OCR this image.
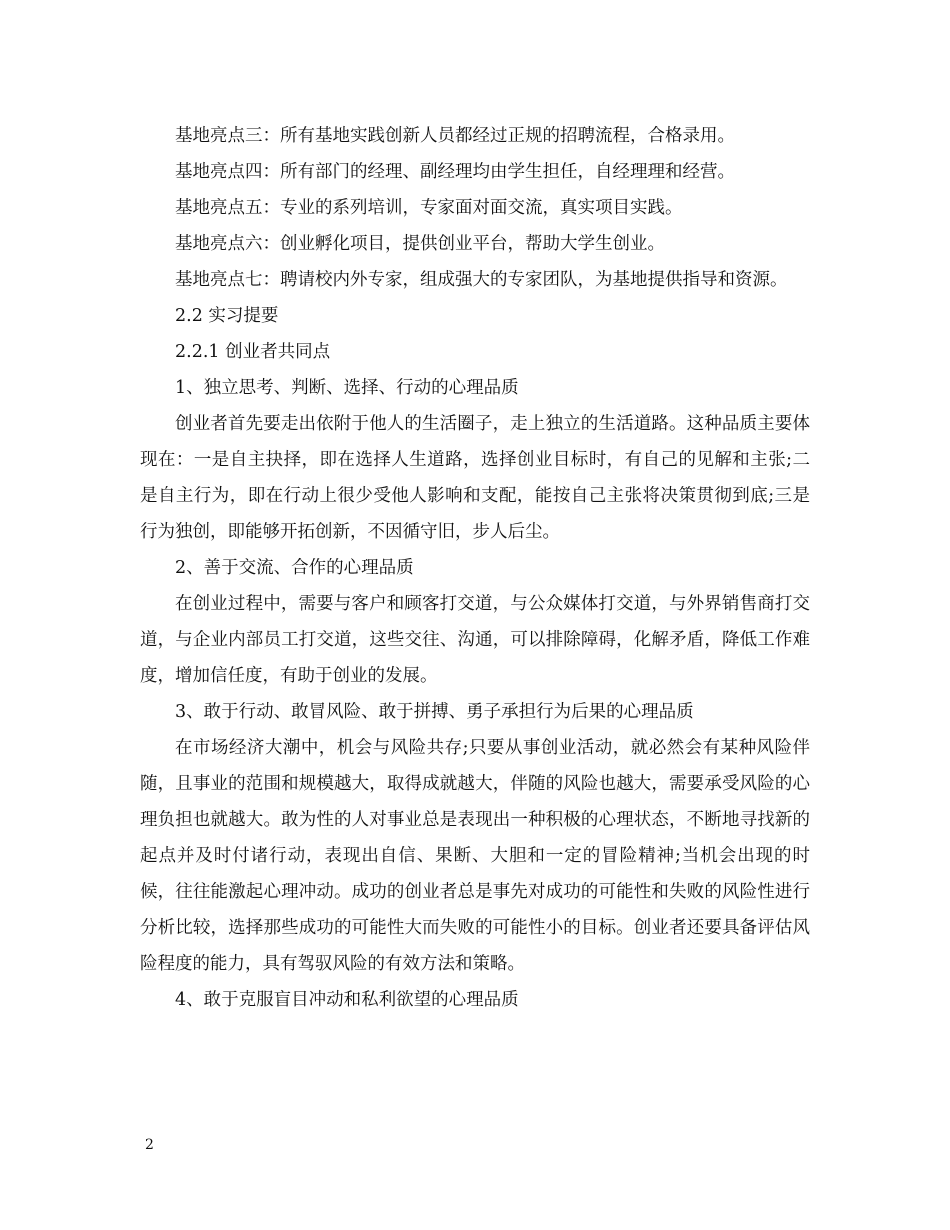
基地亮点三：所有基地实践创新人员都经过正规的招聘流程，合格录用。

基地亮点四：所有部门的经理、副经理均由学生担任，自经理理和经营。

基地亮点五：专业的系列培训，专家面对面交流，真实项目实践。

基地亮点六：创业孵化项目，提供创业平台，帮助大学生创业。

基地亮点七：聘请校内外专家，组成强大的专家团队，为基地提供指导和资源。

2.2 实习提要

2.2.1 创业者共同点

1、独立思考、判断、选择、行动的心理品质

创业者首先要走出依附于他人的生活圈子，走上独立的生活道路。这种品质主要体现在：一是自主抉择，即在选择人生道路，选择创业目标时，有自己的见解和主张;二是自主行为，即在行动上很少受他人影响和支配，能按自己主张将决策贯彻到底;三是行为独创，即能够开拓创新，不因循守旧，步人后尘。

2、善于交流、合作的心理品质

在创业过程中，需要与客户和顾客打交道，与公众媒体打交道，与外界销售商打交道，与企业内部员工打交道，这些交往、沟通，可以排除障碍，化解矛盾，降低工作难度，增加信任度，有助于创业的发展。

3、敢于行动、敢冒风险、敢于拼搏、勇子承担行为后果的心理品质

在市场经济大潮中，机会与风险共存;只要从事创业活动，就必然会有某种风险伴随，且事业的范围和规模越大，取得成就越大，伴随的风险也越大，需要承受风险的心理负担也就越大。敢为性的人对事业总是表现出一种积极的心理状态，不断地寻找新的起点并及时付诸行动，表现出自信、果断、大胆和一定的冒险精神;当机会出现的时候，往往能激起心理冲动。成功的创业者总是事先对成功的可能性和失败的风险性进行分析比较，选择那些成功的可能性大而失败的可能性小的目标。创业者还要具备评估风险程度的能力，具有驾驭风险的有效方法和策略。

4、敢于克服盲目冲动和私利欲望的心理品质

2
